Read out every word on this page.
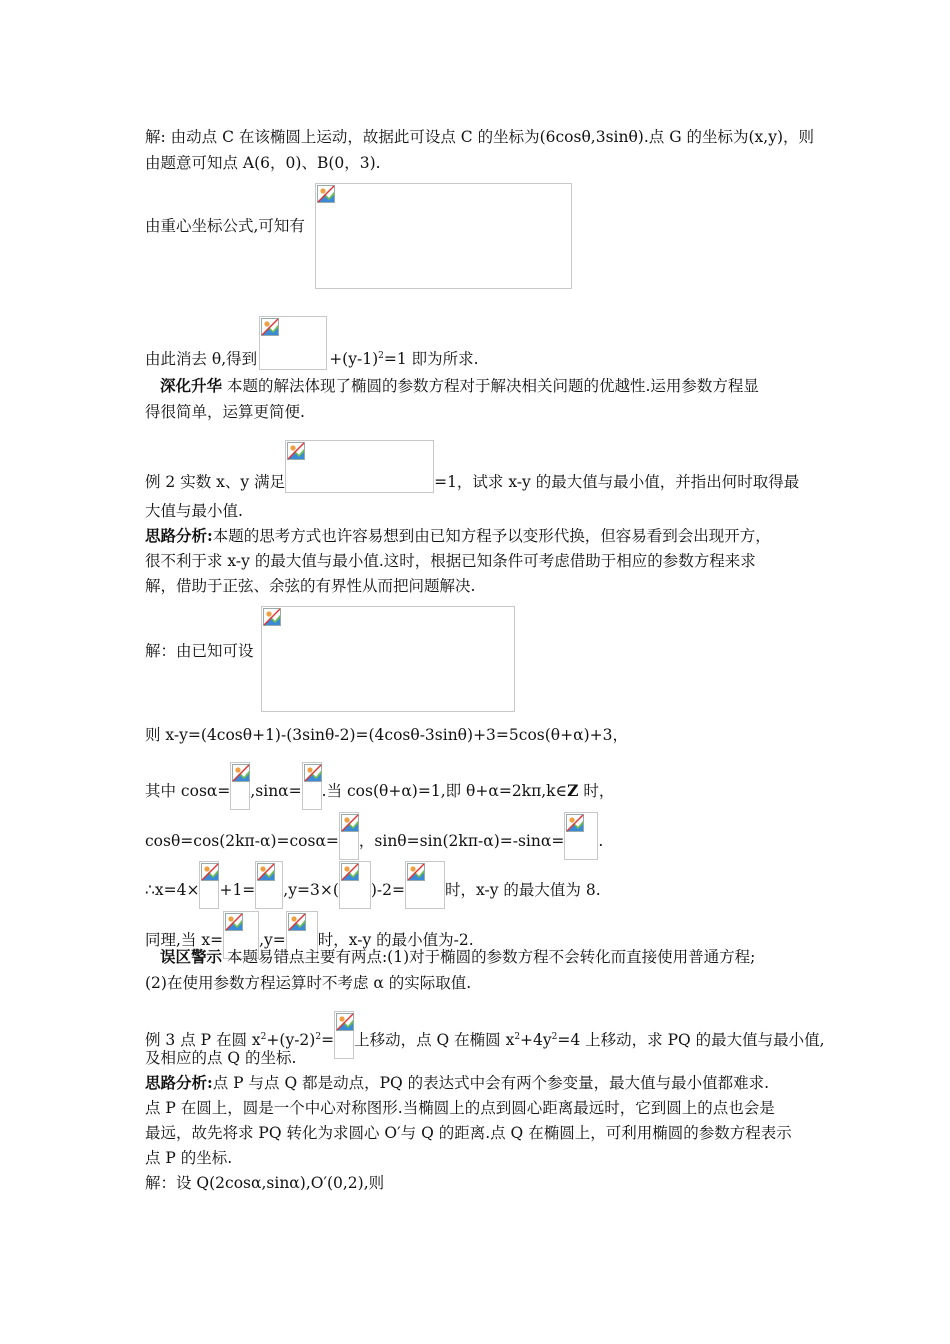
解: 由动点 C 在该椭圆上运动，故据此可设点 C 的坐标为(6cosθ,3sinθ).点 G 的坐标为(x,y)，则
由题意可知点 A(6，0)、B(0，3).
由重心坐标公式,可知有
由此消去 θ,得到	$+(y-1)^2=1$ 即为所求.
深化升华 本题的解法体现了椭圆的参数方程对于解决相关问题的优越性.运用参数方程显
得很简单，运算更简便.
例 2 实数 x、y 满足	=1，试求 x-y 的最大值与最小值，并指出何时取得最
大值与最小值.
思路分析:本题的思考方式也许容易想到由已知方程予以变形代换，但容易看到会出现开方，
很不利于求 x-y 的最大值与最小值.这时，根据已知条件可考虑借助于相应的参数方程来求
解，借助于正弦、余弦的有界性从而把问题解决.
解：由已知可设
则 x-y=(4cosθ+1)-(3sinθ-2)=(4cosθ-3sinθ)+3=5cos(θ+α)+3，
其中 cosα= ,sinα= .当 cos(θ+α)=1,即 θ+α=2kπ,k∈Z 时，
cosθ=cos(2kπ-α)=cosα= ，sinθ=sin(2kπ-α)=-sinα= .
∴x=4× +1= ,y=3×( )-2=	时，x-y 的最大值为 8.
同理,当 x= ,y= 时，x-y 的最小值为-2.
误区警示 本题易错点主要有两点:(1)对于椭圆的参数方程不会转化而直接使用普通方程;
(2)在使用参数方程运算时不考虑 α 的实际取值.
例 3 点 P 在圆 $x^2+(y-2)^2=$ 上移动，点 Q 在椭圆 $x^2+4y^2=4$ 上移动，求 PQ 的最大值与最小值,
及相应的点 Q 的坐标.
思路分析:点 P 与点 Q 都是动点，PQ 的表达式中会有两个参变量，最大值与最小值都难求.
点 P 在圆上，圆是一个中心对称图形.当椭圆上的点到圆心距离最远时，它到圆上的点也会是
最远，故先将求 PQ 转化为求圆心 O′与 Q 的距离.点 Q 在椭圆上，可利用椭圆的参数方程表示
点 P 的坐标.
解：设 Q(2cosα,sinα),O′(0,2),则
